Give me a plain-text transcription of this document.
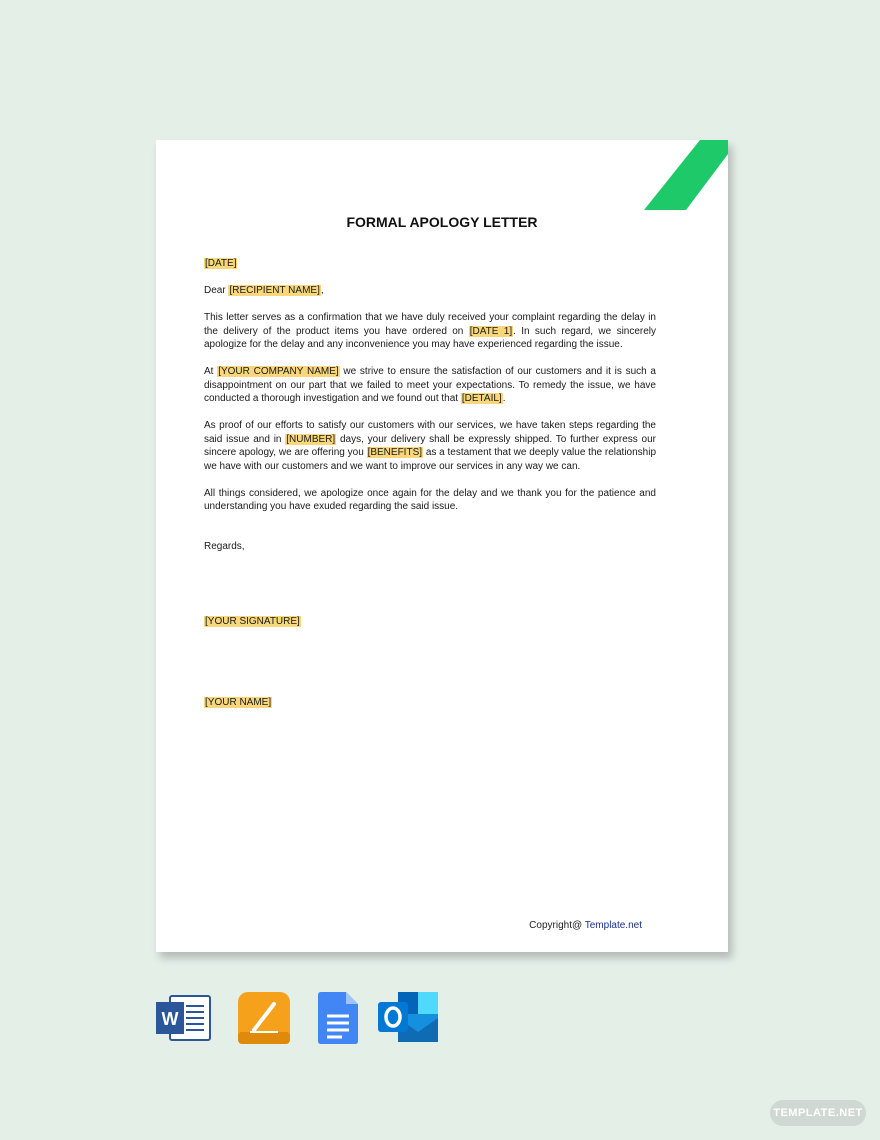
FORMAL APOLOGY LETTER

[DATE]

Dear [RECIPIENT NAME],

This letter serves as a confirmation that we have duly received your complaint regarding the delay in the delivery of the product items you have ordered on [DATE 1]. In such regard, we sincerely apologize for the delay and any inconvenience you may have experienced regarding the issue.

At [YOUR COMPANY NAME] we strive to ensure the satisfaction of our customers and it is such a disappointment on our part that we failed to meet your expectations. To remedy the issue, we have conducted a thorough investigation and we found out that [DETAIL].

As proof of our efforts to satisfy our customers with our services, we have taken steps regarding the said issue and in [NUMBER] days, your delivery shall be expressly shipped. To further express our sincere apology, we are offering you [BENEFITS] as a testament that we deeply value the relationship we have with our customers and we want to improve our services in any way we can.

All things considered, we apologize once again for the delay and we thank you for the patience and understanding you have exuded regarding the said issue.

Regards,

[YOUR SIGNATURE]

[YOUR NAME]

Copyright@ Template.net
W
TEMPLATE.NET
